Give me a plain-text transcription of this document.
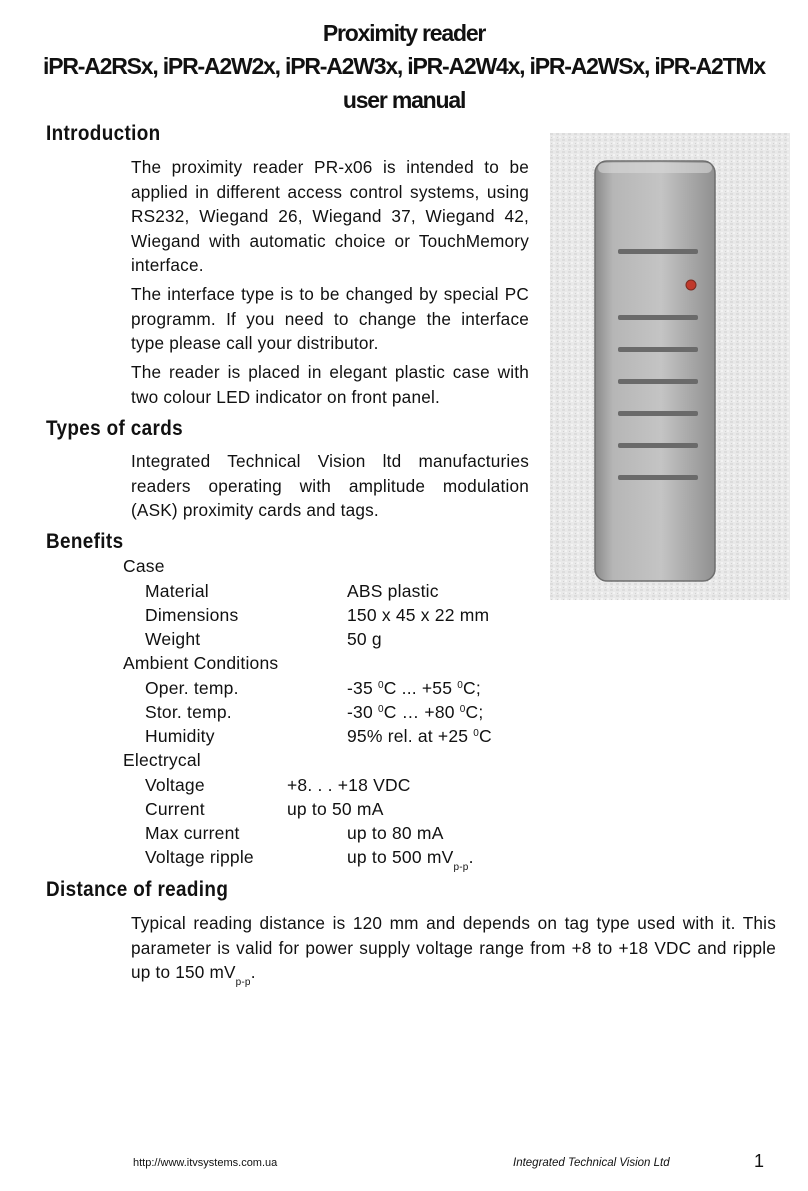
Proximity reader
iPR-A2RSx, iPR-A2W2x, iPR-A2W3x, iPR-A2W4x, iPR-A2WSx, iPR-A2TMx
user manual
Introduction
The proximity reader PR-x06 is intended to be applied in different access control systems, using RS232, Wiegand 26, Wiegand 37, Wiegand 42, Wiegand with automatic choice or TouchMemory interface.
The interface type is to be changed by special PC programm. If you need to change the interface type please call your distributor.
The reader is placed in elegant plastic case with two colour LED indicator on front panel.
Types of cards
Integrated Technical Vision ltd manufacturies readers operating with amplitude modulation (ASK) proximity cards and tags.
Benefits
Case
Material	ABS plastic
Dimensions	150 x 45 x 22 mm
Weight	50 g
Ambient Conditions
Oper. temp.	-35 $^0$C ... +55 $^0$C;
Stor. temp.	-30 $^0$C … +80 $^0$C;
Humidity	95% rel. at +25 $^0$C
Electrycal
Voltage	+8. . . +18 VDC
Current	up to 50 mA
Max current	up to 80 mA
Voltage ripple	up to 500 $mV_{p-p}$.
Distance of reading
Typical reading distance is 120 mm and depends on tag type used with it. This parameter is valid for power supply voltage range from +8 to +18 VDC and ripple up to 150 $mV_{p-p}$.
http://www.itvsystems.com.ua	Integrated Technical Vision Ltd	1
